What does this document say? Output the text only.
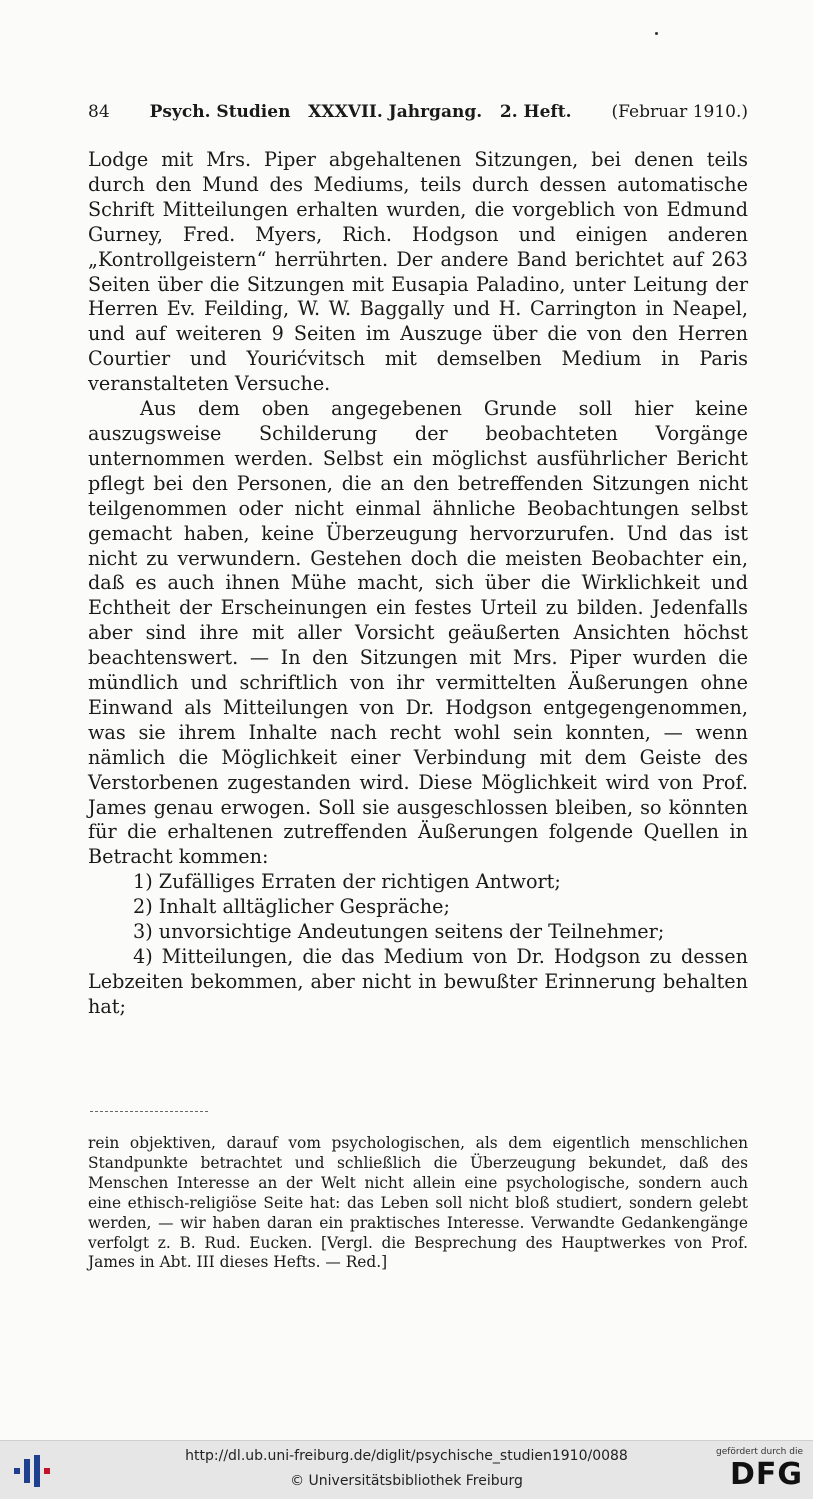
84 Psych. Studien   XXXVII. Jahrgang.   2. Heft. (Februar 1910.)

Lodge mit Mrs. Piper abgehaltenen Sitzungen, bei denen teils durch den Mund des Mediums, teils durch dessen automatische Schrift Mitteilungen erhalten wurden, die vorgeblich von Edmund Gurney, Fred. Myers, Rich. Hodgson und einigen anderen „Kontrollgeistern“ herrührten. Der andere Band berichtet auf 263 Seiten über die Sitzungen mit Eusapia Paladino, unter Leitung der Herren Ev. Feilding, W. W. Baggally und H. Carrington in Neapel, und auf weiteren 9 Seiten im Auszuge über die von den Herren Courtier und Yourićvitsch mit demselben Medium in Paris veranstalteten Versuche.

Aus dem oben angegebenen Grunde soll hier keine auszugsweise Schilderung der beobachteten Vorgänge unternommen werden. Selbst ein möglichst ausführlicher Bericht pflegt bei den Personen, die an den betreffenden Sitzungen nicht teilgenommen oder nicht einmal ähnliche Beobachtungen selbst gemacht haben, keine Überzeugung hervorzurufen. Und das ist nicht zu verwundern. Gestehen doch die meisten Beobachter ein, daß es auch ihnen Mühe macht, sich über die Wirklichkeit und Echtheit der Erscheinungen ein festes Urteil zu bilden. Jedenfalls aber sind ihre mit aller Vorsicht geäußerten Ansichten höchst beachtenswert. — In den Sitzungen mit Mrs. Piper wurden die mündlich und schriftlich von ihr vermittelten Äußerungen ohne Einwand als Mitteilungen von Dr. Hodgson entgegengenommen, was sie ihrem Inhalte nach recht wohl sein konnten, — wenn nämlich die Möglichkeit einer Verbindung mit dem Geiste des Verstorbenen zugestanden wird. Diese Möglichkeit wird von Prof. James genau erwogen. Soll sie ausgeschlossen bleiben, so könnten für die erhaltenen zutreffenden Äußerungen folgende Quellen in Betracht kommen:

1) Zufälliges Erraten der richtigen Antwort;

2) Inhalt alltäglicher Gespräche;

3) unvorsichtige Andeutungen seitens der Teilnehmer;

4) Mitteilungen, die das Medium von Dr. Hodgson zu dessen Lebzeiten bekommen, aber nicht in bewußter Erinnerung behalten hat;

rein objektiven, darauf vom psychologischen, als dem eigentlich menschlichen Standpunkte betrachtet und schließlich die Überzeugung bekundet, daß des Menschen Interesse an der Welt nicht allein eine psychologische, sondern auch eine ethisch-religiöse Seite hat: das Leben soll nicht bloß studiert, sondern gelebt werden, — wir haben daran ein praktisches Interesse. Verwandte Gedankengänge verfolgt z. B. Rud. Eucken. [Vergl. die Besprechung des Hauptwerkes von Prof. James in Abt. III dieses Hefts. — Red.]

http://dl.ub.uni-freiburg.de/diglit/psychische_studien1910/0088
© Universitätsbibliothek Freiburg
gefördert durch die
DFG
